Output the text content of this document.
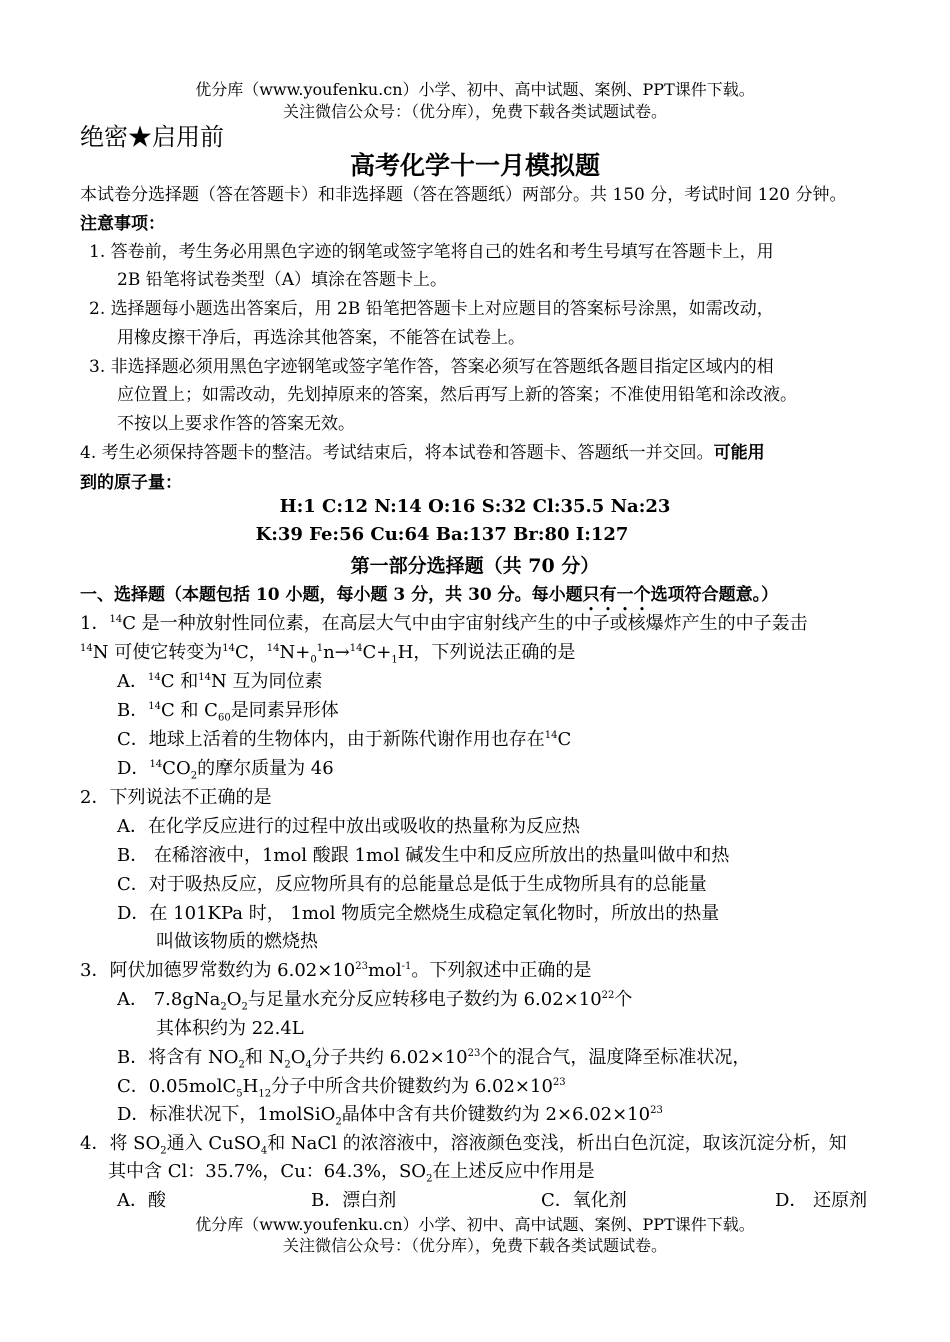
优分库（www.youfenku.cn）小学、初中、高中试题、案例、PPT课件下载。
关注微信公众号：（优分库），免费下载各类试题试卷。
绝密★启用前
高考化学十一月模拟题
本试卷分选择题（答在答题卡）和非选择题（答在答题纸）两部分。共 150 分，考试时间 120 分钟。
注意事项：
1. 答卷前，考生务必用黑色字迹的钢笔或签字笔将自己的姓名和考生号填写在答题卡上，用
2B 铅笔将试卷类型（A）填涂在答题卡上。
2. 选择题每小题选出答案后，用 2B 铅笔把答题卡上对应题目的答案标号涂黑，如需改动，
用橡皮擦干净后，再选涂其他答案，不能答在试卷上。
3. 非选择题必须用黑色字迹钢笔或签字笔作答，答案必须写在答题纸各题目指定区域内的相
应位置上；如需改动，先划掉原来的答案，然后再写上新的答案；不准使用铅笔和涂改液。
不按以上要求作答的答案无效。
4. 考生必须保持答题卡的整洁。考试结束后，将本试卷和答题卡、答题纸一并交回。可能用
到的原子量：
H:1 C:12 N:14 O:16 S:32 Cl:35.5 Na:23
K:39 Fe:56 Cu:64 Ba:137 Br:80 I:127
第一部分选择题（共 70 分）
一、选择题（本题包括 10 小题，每小题 3 分，共 30 分。每小题只有一个选项符合题意。）
1．$^{14}$C 是一种放射性同位素，在高层大气中由宇宙射线产生的中子或核爆炸产生的中子轰击
$^{14}$N 可使它转变为$^{14}$C，$^{14}N+_0^1n\to^{14}C+_1H$，下列说法正确的是
A．$^{14}$C 和$^{14}$N 互为同位素
B．$^{14}$C 和 $C_{60}$是同素异形体
C．地球上活着的生物体内，由于新陈代谢作用也存在$^{14}$C
D．$^{14}CO_2$的摩尔质量为 46
2．下列说法不正确的是
A．在化学反应进行的过程中放出或吸收的热量称为反应热
B． 在稀溶液中，1mol 酸跟 1mol 碱发生中和反应所放出的热量叫做中和热
C．对于吸热反应，反应物所具有的总能量总是低于生成物所具有的总能量
D．在 101KPa 时， 1mol 物质完全燃烧生成稳定氧化物时，所放出的热量
叫做该物质的燃烧热
3．阿伏加德罗常数约为 $6.02\times 10^{23}mol^{-1}$。下列叙述中正确的是
A． $7.8gNa_2O_2$与足量水充分反应转移电子数约为 $6.02\times 10^{22}$个
其体积约为 22.4L
B．将含有 $NO_2$和 $N_2O_4$分子共约 $6.02\times 10^{23}$个的混合气，温度降至标准状况，
C．$0.05molC_5H_{12}$分子中所含共价键数约为 $6.02\times 10^{23}$
D．标准状况下，1molSiO$_2$晶体中含有共价键数约为 $2\times 6.02\times 10^{23}$
4．将 $SO_2$通入 CuSO$_4$和 NaCl 的浓溶液中，溶液颜色变浅，析出白色沉淀，取该沉淀分析，知
其中含 Cl：35.7%，Cu：64.3%，$SO_2$在上述反应中作用是
A．酸	B．漂白剂	C．氧化剂	D． 还原剂
优分库（www.youfenku.cn）小学、初中、高中试题、案例、PPT课件下载。
关注微信公众号：（优分库），免费下载各类试题试卷。
